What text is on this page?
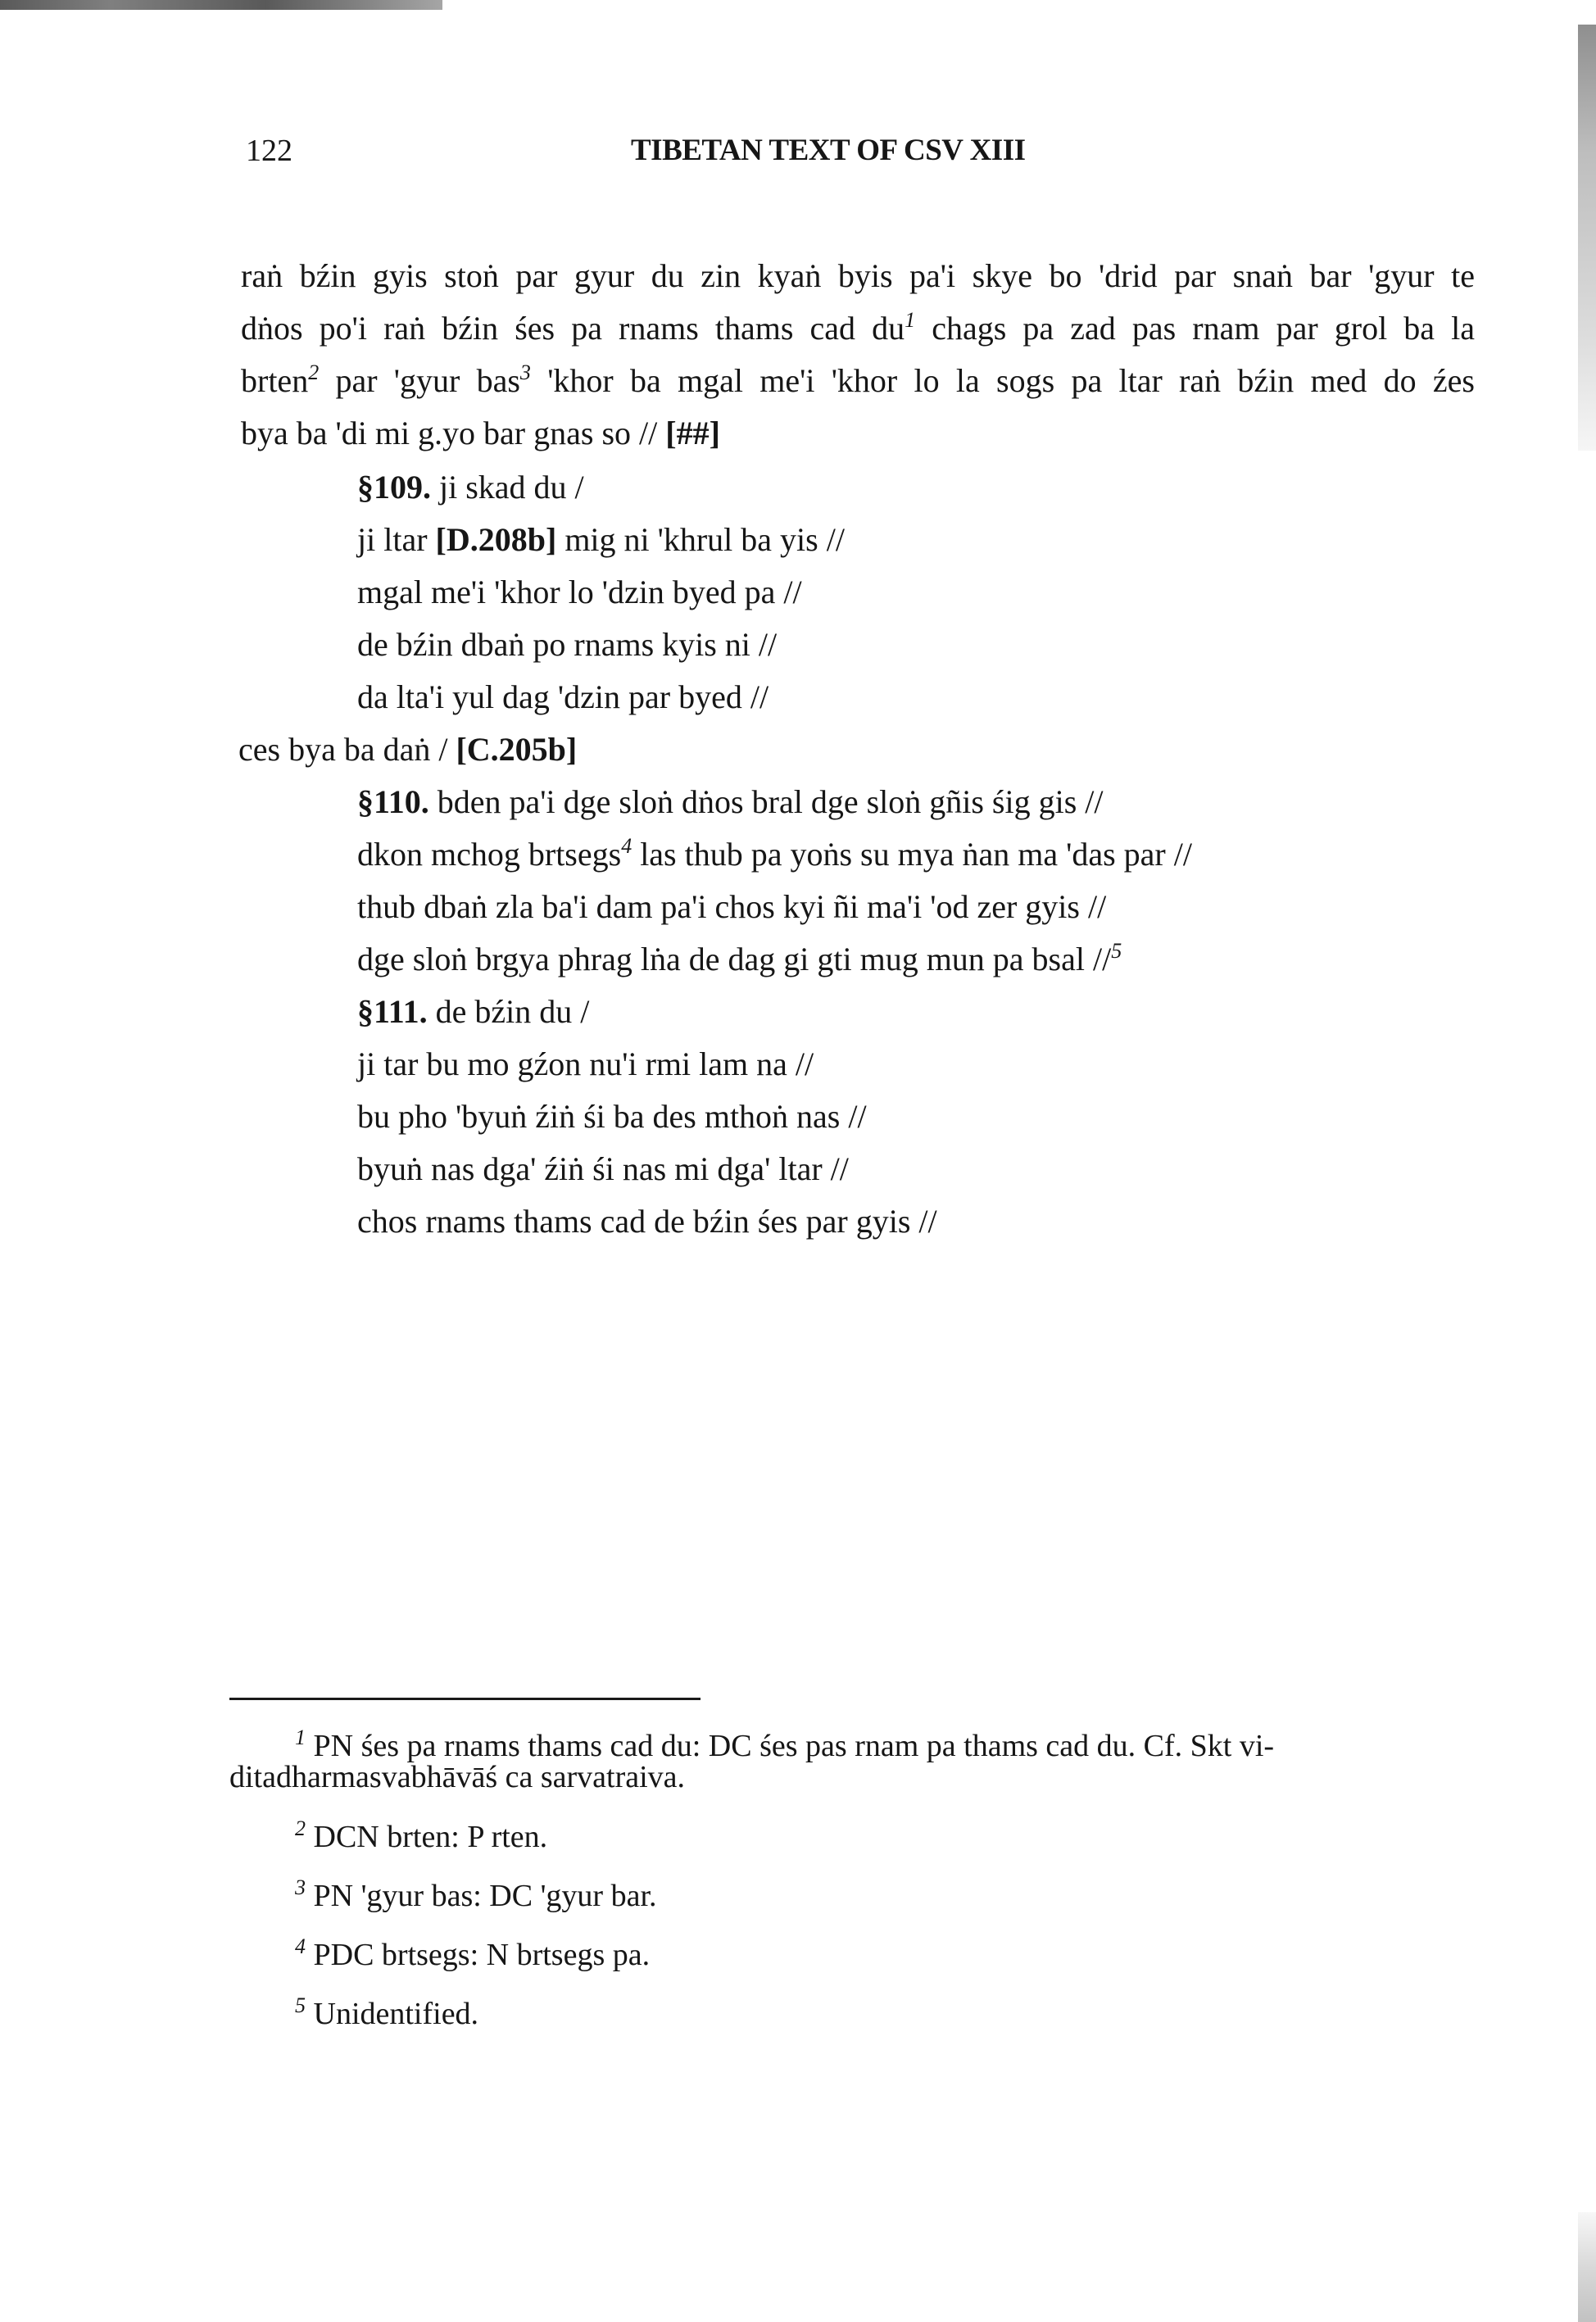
122	TIBETAN TEXT OF CSV XIII
raṅ bźin gyis stoṅ par gyur du zin kyaṅ byis pa'i skye bo 'drid par snaṅ bar 'gyur te
dṅos po'i raṅ bźin śes pa rnams thams cad $du^1$ chags pa zad pas rnam par grol ba la
brten$^2$ par 'gyur bas$^3$ 'khor ba mgal me'i 'khor lo la sogs pa ltar raṅ bźin med do źes
bya ba 'di mi g.yo bar gnas so // [##]
§109. ji skad du /
ji ltar [D.208b] mig ni 'khrul ba yis //
mgal me'i 'khor lo 'dzin byed pa //
de bźin dbaṅ po rnams kyis ni //
da lta'i yul dag 'dzin par byed //
ces bya ba daṅ / [C.205b]
§110. bden pa'i dge sloṅ dṅos bral dge sloṅ gñis śig gis //
dkon mchog brtsegs$^4$ las thub pa yoṅs su mya ṅan ma 'das par //
thub dbaṅ zla ba'i dam pa'i chos kyi ñi ma'i 'od zer gyis //
dge sloṅ brgya phrag lṅa de dag gi gti mug mun pa bsal //$^5$
§111. de bźin du /
ji tar bu mo gźon nu'i rmi lam na //
bu pho 'byuṅ źiṅ śi ba des mthoṅ nas //
byuṅ nas dga' źiṅ śi nas mi dga' ltar //
chos rnams thams cad de bźin śes par gyis //
$^1$ PN śes pa rnams thams cad du: DC śes pas rnam pa thams cad du. Cf. Skt vi-
ditadharmasvabhāvāś ca sarvatraiva.
$^2$ DCN brten: P rten.
$^3$ PN 'gyur bas: DC 'gyur bar.
$^4$ PDC brtsegs: N brtsegs pa.
$^5$ Unidentified.
